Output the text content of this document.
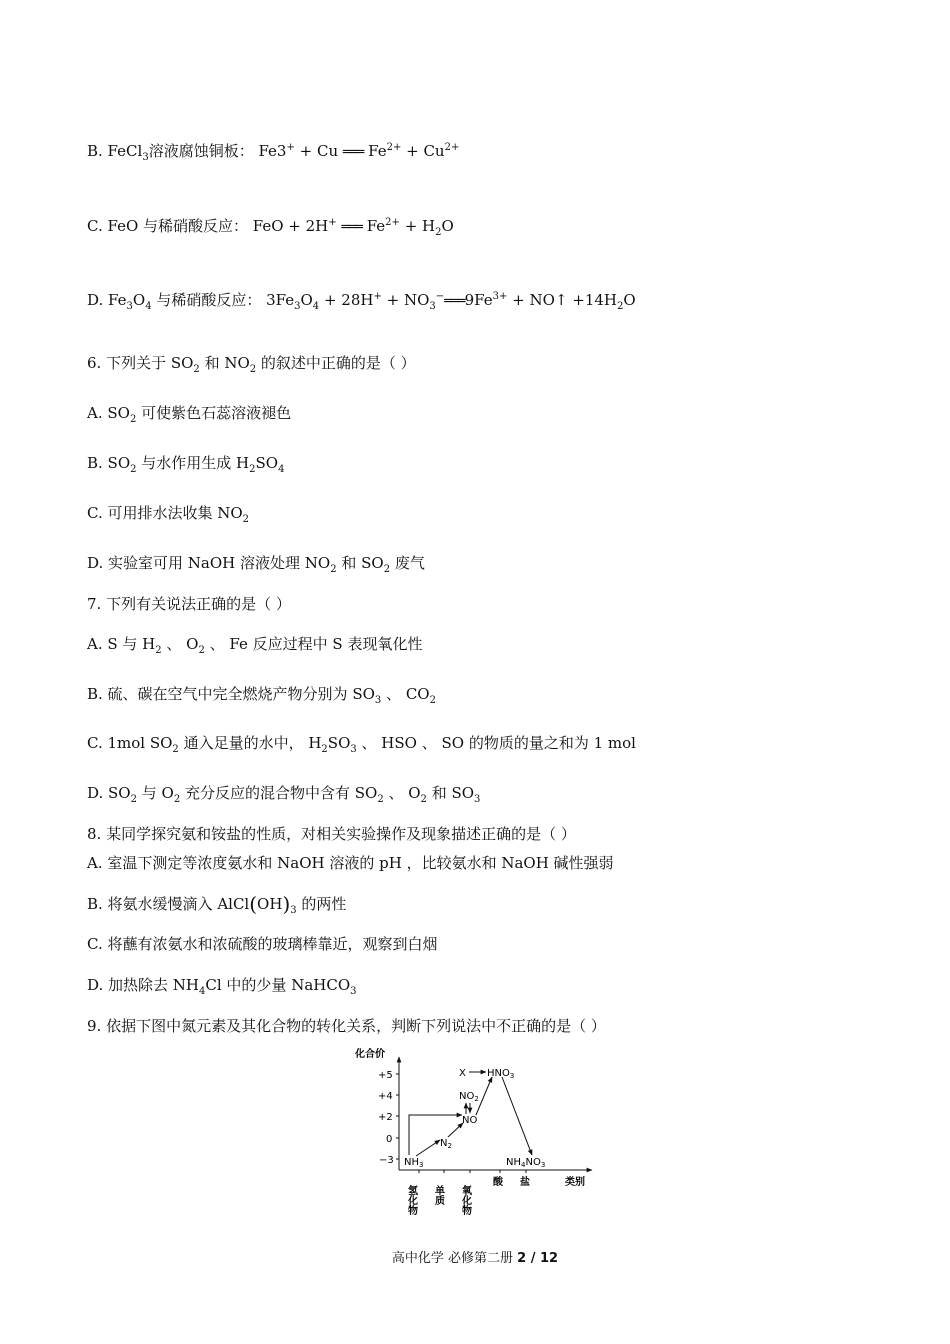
B. FeCl$_3$溶液腐蚀铜板： Fe3+ + Cu ═══ $Fe^{2+} + Cu^{2+}$
C. FeO 与稀硝酸反应： FeO + 2H+ ═══ $Fe^{2+} + H_2O$
D. $Fe_3O_4$ 与稀硝酸反应： $3Fe_3O_4 + 28H^+$ + $NO_3^-═══9Fe^{3+}$ + NO↑ $+14H_2O$
6. 下列关于 $SO_2$ 和 $NO_2$ 的叙述中正确的是（ ）
A. $SO_2$ 可使紫色石蕊溶液褪色
B. $SO_2$ 与水作用生成 $H_2SO_4$
C. 可用排水法收集 $NO_2$
D. 实验室可用 NaOH 溶液处理 $NO_2$ 和 $SO_2$ 废气
7. 下列有关说法正确的是（ ）
A. S 与 $H_2$ 、 $O_2$ 、 Fe 反应过程中 S 表现氧化性
B. 硫、碳在空气中完全燃烧产物分别为 $SO_3$ 、 $CO_2$
C. 1mol $SO_2$ 通入足量的水中， $H_2SO_3$ 、 HSO 、 SO 的物质的量之和为 1 mol
D. $SO_2$ 与 $O_2$ 充分反应的混合物中含有 $SO_2$ 、 $O_2$ 和 $SO_3$
8. 某同学探究氨和铵盐的性质，对相关实验操作及现象描述正确的是（ ）
A. 室温下测定等浓度氨水和 NaOH 溶液的 pH ，比较氨水和 NaOH 碱性强弱
B. 将氨水缓慢滴入 $AlCl(OH)_3$ 的两性
C. 将蘸有浓氨水和浓硫酸的玻璃棒靠近，观察到白烟
D. 加热除去 $NH_4Cl$ 中的少量 NaHCO$_3$
9. 依据下图中氮元素及其化合物的转化关系，判断下列说法中不正确的是（ ）
化合价
+5
+4
+2
0
−3
氢化物 单质 氧化物
酸 盐	类别
X $HNO_3$
$NO_2$
NO
$N_2$
$NH_3$	$NH_4NO_3$
高中化学 必修第二册 2 / 12
